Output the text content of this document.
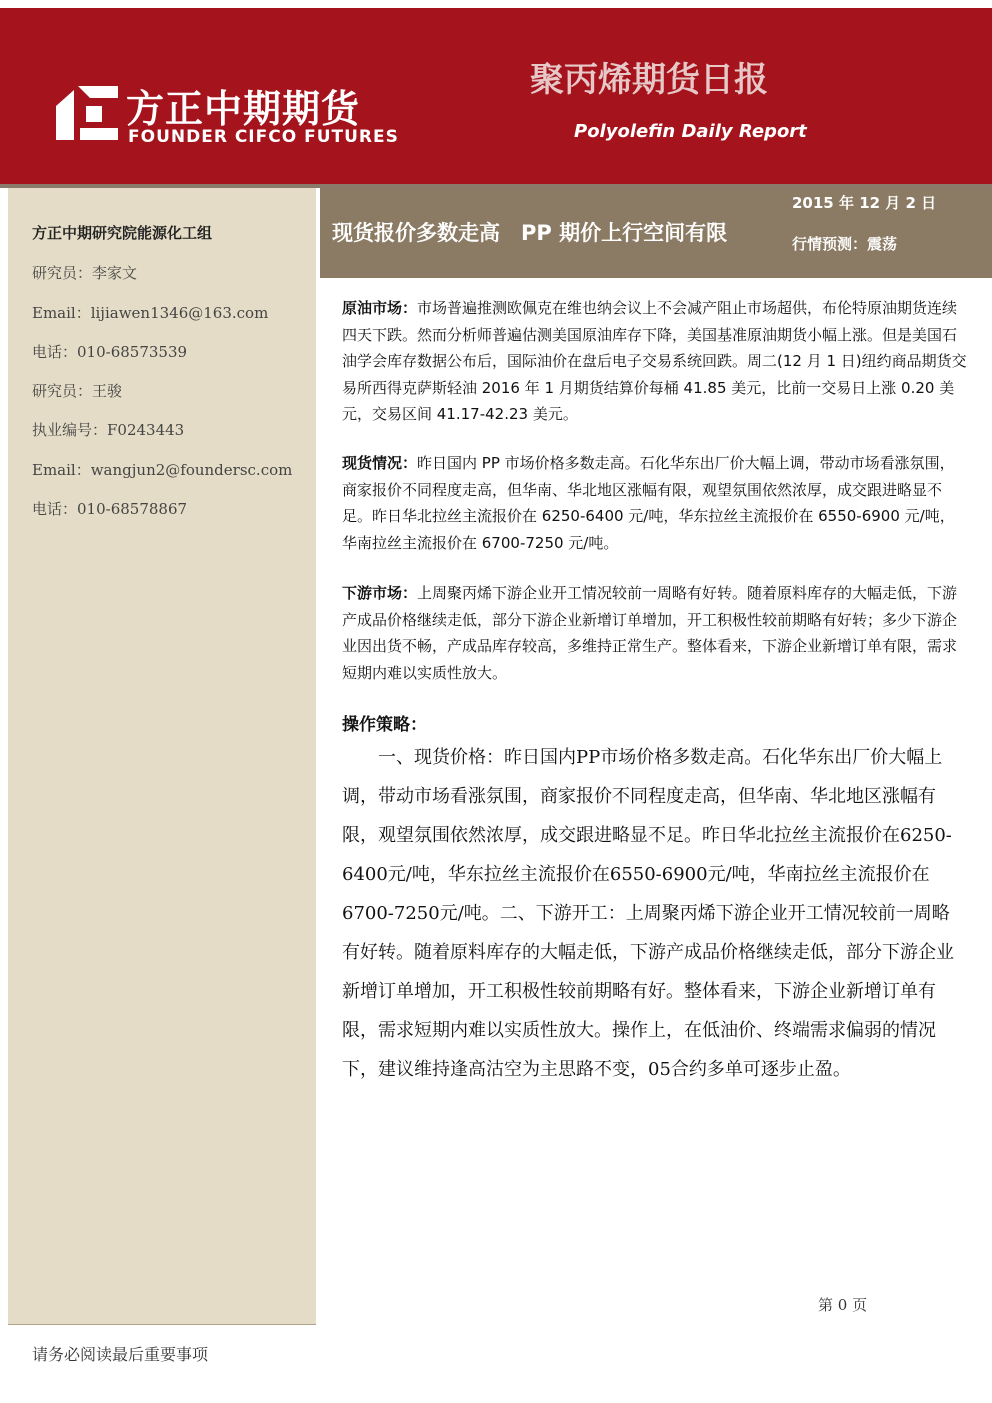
方正中期期货
FOUNDER CIFCO FUTURES
聚丙烯期货日报
Polyolefin Daily Report
方正中期研究院能源化工组
研究员：李家文
Email：lijiawen1346@163.com
电话：010-68573539
研究员：王骏
执业编号：F0243443
Email：wangjun2@foundersc.com
电话：010-68578867
2015 年 12 月 2 日
现货报价多数走高　PP 期价上行空间有限	行情预测：震荡

原油市场：市场普遍推测欧佩克在维也纳会议上不会减产阻止市场超供，布伦特原油期货连续四天下跌。然而分析师普遍估测美国原油库存下降，美国基准原油期货小幅上涨。但是美国石油学会库存数据公布后，国际油价在盘后电子交易系统回跌。周二(12 月 1 日)纽约商品期货交易所西得克萨斯轻油 2016 年 1 月期货结算价每桶 41.85 美元，比前一交易日上涨 0.20 美元，交易区间 41.17-42.23 美元。

现货情况：昨日国内 PP 市场价格多数走高。石化华东出厂价大幅上调，带动市场看涨氛围，商家报价不同程度走高，但华南、华北地区涨幅有限，观望氛围依然浓厚，成交跟进略显不足。昨日华北拉丝主流报价在 6250-6400 元/吨，华东拉丝主流报价在 6550-6900 元/吨，华南拉丝主流报价在 6700-7250 元/吨。

下游市场：上周聚丙烯下游企业开工情况较前一周略有好转。随着原料库存的大幅走低，下游产成品价格继续走低，部分下游企业新增订单增加，开工积极性较前期略有好转；多少下游企业因出货不畅，产成品库存较高，多维持正常生产。整体看来，下游企业新增订单有限，需求短期内难以实质性放大。

操作策略：

一、现货价格：昨日国内PP市场价格多数走高。石化华东出厂价大幅上调，带动市场看涨氛围，商家报价不同程度走高，但华南、华北地区涨幅有限，观望氛围依然浓厚，成交跟进略显不足。昨日华北拉丝主流报价在6250-6400元/吨，华东拉丝主流报价在6550-6900元/吨，华南拉丝主流报价在6700-7250元/吨。二、下游开工：上周聚丙烯下游企业开工情况较前一周略有好转。随着原料库存的大幅走低，下游产成品价格继续走低，部分下游企业新增订单增加，开工积极性较前期略有好。整体看来，下游企业新增订单有限，需求短期内难以实质性放大。操作上，在低油价、终端需求偏弱的情况下，建议维持逢高沽空为主思路不变，05合约多单可逐步止盈。

第 0 页
请务必阅读最后重要事项
